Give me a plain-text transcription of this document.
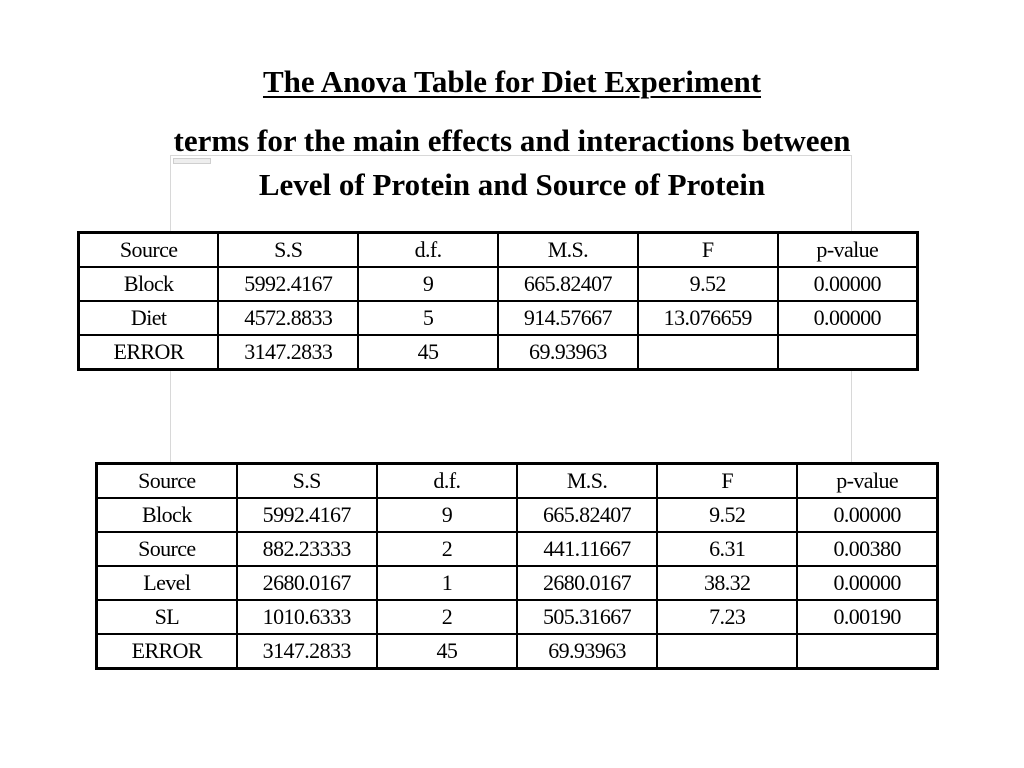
The Anova Table for Diet Experiment
terms for the main effects and interactions between
Level of Protein and Source of Protein
Source	S.S	d.f.	M.S.	F	p-value
Block	5992.4167	9	665.82407	9.52	0.00000
Diet	4572.8833	5	914.57667	13.076659	0.00000
ERROR	3147.2833	45	69.93963		
Source	S.S	d.f.	M.S.	F	p-value
Block	5992.4167	9	665.82407	9.52	0.00000
Source	882.23333	2	441.11667	6.31	0.00380
Level	2680.0167	1	2680.0167	38.32	0.00000
SL	1010.6333	2	505.31667	7.23	0.00190
ERROR	3147.2833	45	69.93963		
